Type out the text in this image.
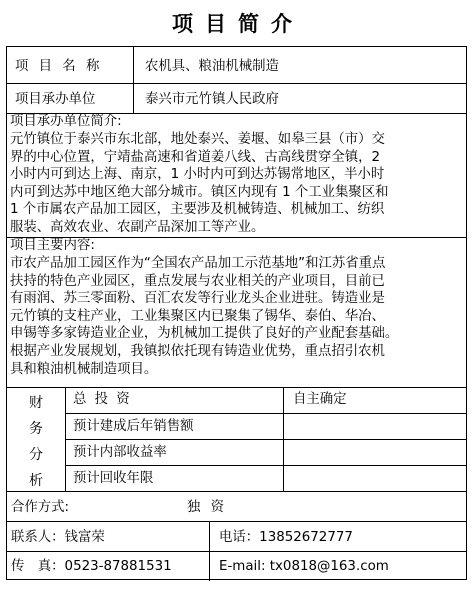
项目简介
项 目 名 称	农机具、粮油机械制造
项目承办单位	泰兴市元竹镇人民政府
项目承办单位简介:
元竹镇位于泰兴市东北部，地处泰兴、姜堰、如皋三县（市）交
界的中心位置，宁靖盐高速和省道姜八线、古高线贯穿全镇，2
小时内可到达上海、南京，1 小时内可到达苏锡常地区，半小时
内可到达苏中地区绝大部分城市。镇区内现有 1 个工业集聚区和
1 个市属农产品加工园区，主要涉及机械铸造、机械加工、纺织
服装、高效农业、农副产品深加工等产业。
项目主要内容:
市农产品加工园区作为“全国农产品加工示范基地”和江苏省重点
扶持的特色产业园区，重点发展与农业相关的产业项目，目前已
有雨润、苏三零面粉、百汇农发等行业龙头企业进驻。铸造业是
元竹镇的支柱产业，工业集聚区内已聚集了锡华、泰伯、华冶、
申锡等多家铸造业企业，为机械加工提供了良好的产业配套基础。
根据产业发展规划，我镇拟依托现有铸造业优势，重点招引农机
具和粮油机械制造项目。
财
务
分
析
总 投 资	自主确定
预计建成后年销售额
预计内部收益率
预计回收年限
合作方式:	独 资
联系人：钱富荣	电话：13852672777
传　真：0523-87881531	E-mail: tx0818@163.com
